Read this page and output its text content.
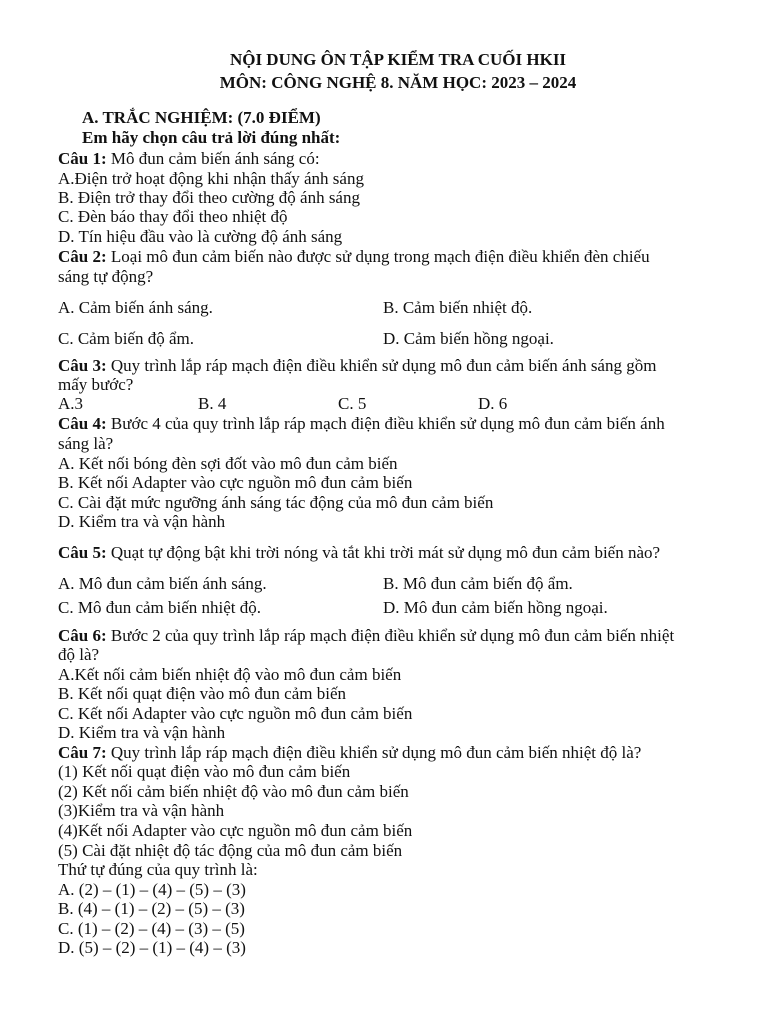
NỘI DUNG ÔN TẬP KIỂM TRA CUỐI HKII
MÔN: CÔNG NGHỆ 8. NĂM HỌC: 2023 – 2024
A. TRẮC NGHIỆM: (7.0 ĐIỂM)
Em hãy chọn câu trả lời đúng nhất:
Câu 1: Mô đun cảm biến ánh sáng có:
A.Điện trở hoạt động khi nhận thấy ánh sáng
B. Điện trở thay đổi theo cường độ ánh sáng
C. Đèn báo thay đổi theo nhiệt độ
D. Tín hiệu đầu vào là cường độ ánh sáng
Câu 2: Loại mô đun cảm biến nào được sử dụng trong mạch điện điều khiển đèn chiếu
sáng tự động?
A. Cảm biến ánh sáng.	B. Cảm biến nhiệt độ.
C. Cảm biến độ ẩm.	D. Cảm biến hồng ngoại.
Câu 3: Quy trình lắp ráp mạch điện điều khiển sử dụng mô đun cảm biến ánh sáng gồm
mấy bước?
A.3	B. 4	C. 5	D. 6
Câu 4: Bước 4 của quy trình lắp ráp mạch điện điều khiển sử dụng mô đun cảm biến ánh
sáng là?
A. Kết nối bóng đèn sợi đốt vào mô đun cảm biến
B. Kết nối Adapter vào cực nguồn mô đun cảm biến
C. Cài đặt mức ngưỡng ánh sáng tác động của mô đun cảm biến
D. Kiểm tra và vận hành
Câu 5: Quạt tự động bật khi trời nóng và tắt khi trời mát sử dụng mô đun cảm biến nào?
A. Mô đun cảm biến ánh sáng.	B. Mô đun cảm biến độ ẩm.
C. Mô đun cảm biến nhiệt độ.	D. Mô đun cảm biến hồng ngoại.
Câu 6: Bước 2 của quy trình lắp ráp mạch điện điều khiển sử dụng mô đun cảm biến nhiệt
độ là?
A.Kết nối cảm biến nhiệt độ vào mô đun cảm biến
B. Kết nối quạt điện vào mô đun cảm biến
C. Kết nối Adapter vào cực nguồn mô đun cảm biến
D. Kiểm tra và vận hành
Câu 7: Quy trình lắp ráp mạch điện điều khiển sử dụng mô đun cảm biến nhiệt độ là?
(1) Kết nối quạt điện vào mô đun cảm biến
(2) Kết nối cảm biến nhiệt độ vào mô đun cảm biến
(3)Kiểm tra và vận hành
(4)Kết nối Adapter vào cực nguồn mô đun cảm biến
(5) Cài đặt nhiệt độ tác động của mô đun cảm biến
Thứ tự đúng của quy trình là:
A. (2) – (1) – (4) – (5) – (3)
B. (4) – (1) – (2) – (5) – (3)
C. (1) – (2) – (4) – (3) – (5)
D. (5) – (2) – (1) – (4) – (3)
